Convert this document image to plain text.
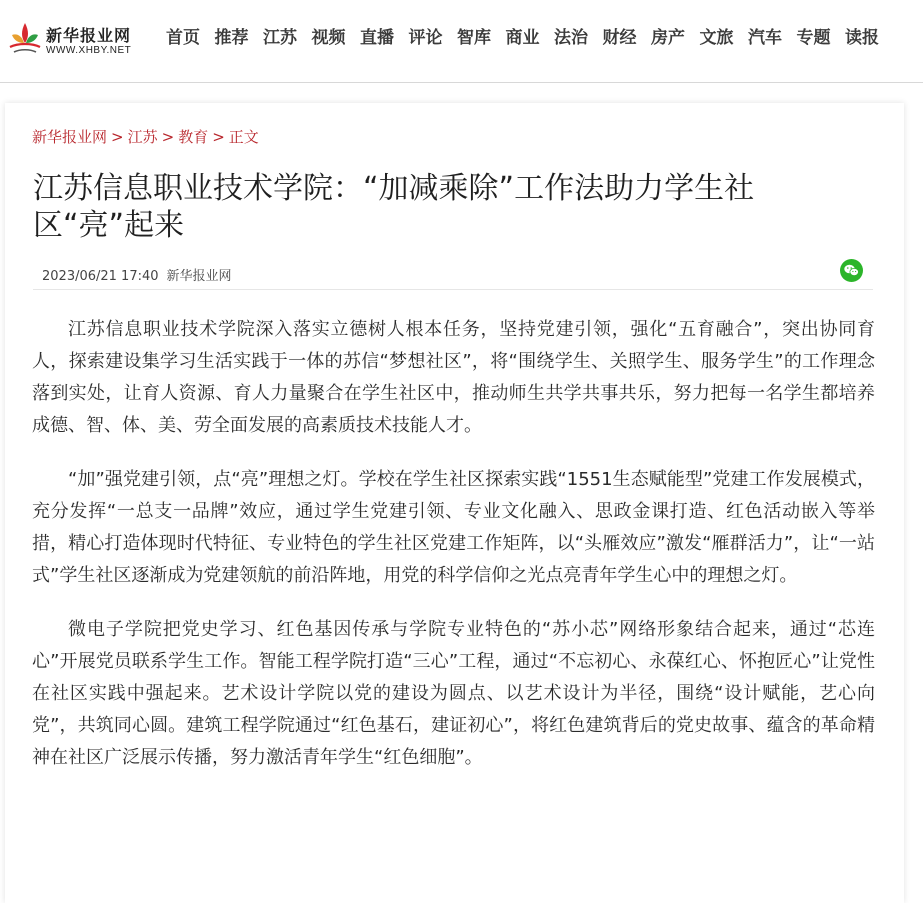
新华报业网
WWW.XHBY.NET
首页 推荐 江苏 视频 直播 评论 智库 商业 法治 财经 房产 文旅 汽车 专题 读报
新华报业网 > 江苏 > 教育 > 正文
江苏信息职业技术学院：“加减乘除”工作法助力学生社区“亮”起来
2023/06/21 17:40 新华报业网

江苏信息职业技术学院深入落实立德树人根本任务，坚持党建引领，强化“五育融合”，突出协同育人，探索建设集学习生活实践于一体的苏信“梦想社区”，将“围绕学生、关照学生、服务学生”的工作理念落到实处，让育人资源、育人力量聚合在学生社区中，推动师生共学共事共乐，努力把每一名学生都培养成德、智、体、美、劳全面发展的高素质技术技能人才。

“加”强党建引领，点“亮”理想之灯。学校在学生社区探索实践“1551生态赋能型”党建工作发展模式，充分发挥“一总支一品牌”效应，通过学生党建引领、专业文化融入、思政金课打造、红色活动嵌入等举措，精心打造体现时代特征、专业特色的学生社区党建工作矩阵，以“头雁效应”激发“雁群活力”，让“一站式”学生社区逐渐成为党建领航的前沿阵地，用党的科学信仰之光点亮青年学生心中的理想之灯。

微电子学院把党史学习、红色基因传承与学院专业特色的“苏小芯”网络形象结合起来，通过“芯连心”开展党员联系学生工作。智能工程学院打造“三心”工程，通过“不忘初心、永葆红心、怀抱匠心”让党性在社区实践中强起来。艺术设计学院以党的建设为圆点、以艺术设计为半径，围绕“设计赋能，艺心向党”，共筑同心圆。建筑工程学院通过“红色基石，建证初心”，将红色建筑背后的党史故事、蕴含的革命精神在社区广泛展示传播，努力激活青年学生“红色细胞”。
